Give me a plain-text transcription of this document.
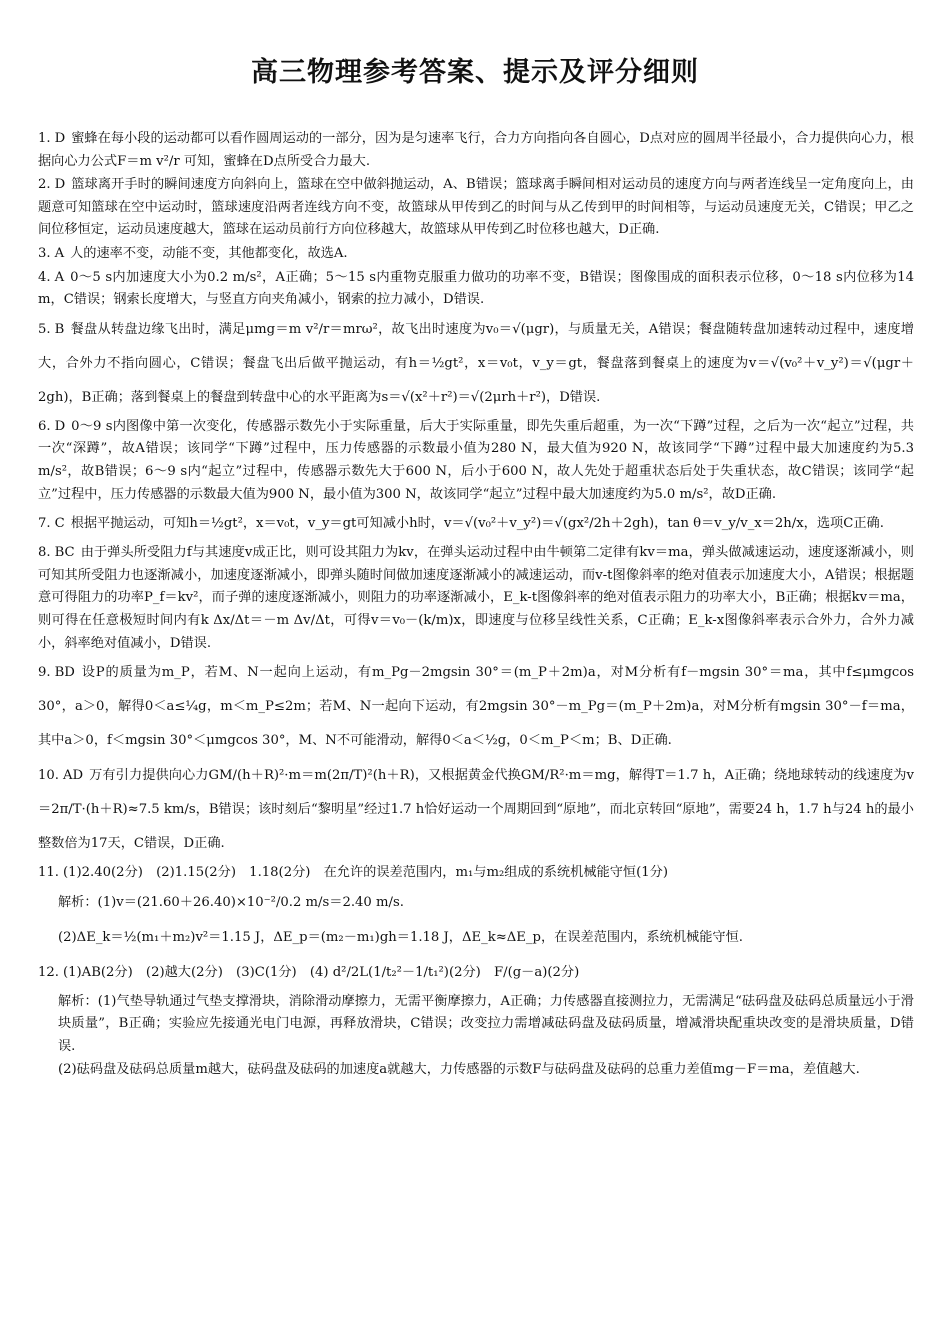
高三物理参考答案、提示及评分细则

1. D 蜜蜂在每小段的运动都可以看作圆周运动的一部分，因为是匀速率飞行，合力方向指向各自圆心，D点对应的圆周半径最小，合力提供向心力，根据向心力公式F＝m v²/r 可知，蜜蜂在D点所受合力最大.

2. D 篮球离开手时的瞬间速度方向斜向上，篮球在空中做斜抛运动，A、B错误；篮球离手瞬间相对运动员的速度方向与两者连线呈一定角度向上，由题意可知篮球在空中运动时，篮球速度沿两者连线方向不变，故篮球从甲传到乙的时间与从乙传到甲的时间相等，与运动员速度无关，C错误；甲乙之间位移恒定，运动员速度越大，篮球在运动员前行方向位移越大，故篮球从甲传到乙时位移也越大，D正确.

3. A 人的速率不变，动能不变，其他都变化，故选A.

4. A 0～5 s内加速度大小为0.2 m/s²，A正确；5～15 s内重物克服重力做功的功率不变，B错误；图像围成的面积表示位移，0～18 s内位移为14 m，C错误；钢索长度增大，与竖直方向夹角减小，钢索的拉力减小，D错误.

5. B 餐盘从转盘边缘飞出时，满足μmg＝m v²/r＝mrω²，故飞出时速度为v₀＝√(μgr)，与质量无关，A错误；餐盘随转盘加速转动过程中，速度增大，合外力不指向圆心，C错误；餐盘飞出后做平抛运动，有h＝½gt²，x＝v₀t，v_y＝gt，餐盘落到餐桌上的速度为v＝√(v₀²＋v_y²)＝√(μgr＋2gh)，B正确；落到餐桌上的餐盘到转盘中心的水平距离为s＝√(x²＋r²)＝√(2μrh＋r²)，D错误.

6. D 0～9 s内图像中第一次变化，传感器示数先小于实际重量，后大于实际重量，即先失重后超重，为一次“下蹲”过程，之后为一次“起立”过程，共一次“深蹲”，故A错误；该同学“下蹲”过程中，压力传感器的示数最小值为280 N，最大值为920 N，故该同学“下蹲”过程中最大加速度约为5.3 m/s²，故B错误；6～9 s内“起立”过程中，传感器示数先大于600 N，后小于600 N，故人先处于超重状态后处于失重状态，故C错误；该同学“起立”过程中，压力传感器的示数最大值为900 N，最小值为300 N，故该同学“起立”过程中最大加速度约为5.0 m/s²，故D正确.

7. C 根据平抛运动，可知h＝½gt²，x＝v₀t，v_y＝gt可知减小h时，v＝√(v₀²＋v_y²)＝√(gx²/2h＋2gh)，tan θ＝v_y/v_x＝2h/x，选项C正确.

8. BC 由于弹头所受阻力f与其速度v成正比，则可设其阻力为kv，在弹头运动过程中由牛顿第二定律有kv＝ma，弹头做减速运动，速度逐渐减小，则可知其所受阻力也逐渐减小，加速度逐渐减小，即弹头随时间做加速度逐渐减小的减速运动，而v-t图像斜率的绝对值表示加速度大小，A错误；根据题意可得阻力的功率P_f＝kv²，而子弹的速度逐渐减小，则阻力的功率逐渐减小，E_k-t图像斜率的绝对值表示阻力的功率大小，B正确；根据kv＝ma，则可得在任意极短时间内有k Δx/Δt＝－m Δv/Δt，可得v＝v₀－(k/m)x，即速度与位移呈线性关系，C正确；E_k-x图像斜率表示合外力，合外力减小，斜率绝对值减小，D错误.

9. BD 设P的质量为m_P，若M、N一起向上运动，有m_Pg－2mgsin 30°＝(m_P＋2m)a，对M分析有f－mgsin 30°＝ma，其中f≤μmgcos 30°，a＞0，解得0＜a≤¼g，m＜m_P≤2m；若M、N一起向下运动，有2mgsin 30°－m_Pg＝(m_P＋2m)a，对M分析有mgsin 30°－f＝ma，其中a＞0，f＜mgsin 30°＜μmgcos 30°，M、N不可能滑动，解得0＜a＜½g，0＜m_P＜m；B、D正确.

10. AD 万有引力提供向心力GM/(h＋R)²·m＝m(2π/T)²(h＋R)，又根据黄金代换GM/R²·m＝mg，解得T＝1.7 h，A正确；绕地球转动的线速度为v＝2π/T·(h＋R)≈7.5 km/s，B错误；该时刻后“黎明星”经过1.7 h恰好运动一个周期回到“原地”，而北京转回“原地”，需要24 h，1.7 h与24 h的最小整数倍为17天，C错误，D正确.

11. (1)2.40(2分)　(2)1.15(2分)　1.18(2分)　在允许的误差范围内，m₁与m₂组成的系统机械能守恒(1分)

解析：(1)v＝(21.60＋26.40)×10⁻²/0.2 m/s＝2.40 m/s.

(2)ΔE_k＝½(m₁＋m₂)v²＝1.15 J，ΔE_p＝(m₂－m₁)gh＝1.18 J，ΔE_k≈ΔE_p，在误差范围内，系统机械能守恒.

12. (1)AB(2分)　(2)越大(2分)　(3)C(1分)　(4) d²/2L(1/t₂²－1/t₁²)(2分)　F/(g－a)(2分)

解析：(1)气垫导轨通过气垫支撑滑块，消除滑动摩擦力，无需平衡摩擦力，A正确；力传感器直接测拉力，无需满足“砝码盘及砝码总质量远小于滑块质量”，B正确；实验应先接通光电门电源，再释放滑块，C错误；改变拉力需增减砝码盘及砝码质量，增减滑块配重块改变的是滑块质量，D错误.

(2)砝码盘及砝码总质量m越大，砝码盘及砝码的加速度a就越大，力传感器的示数F与砝码盘及砝码的总重力差值mg－F＝ma，差值越大.
